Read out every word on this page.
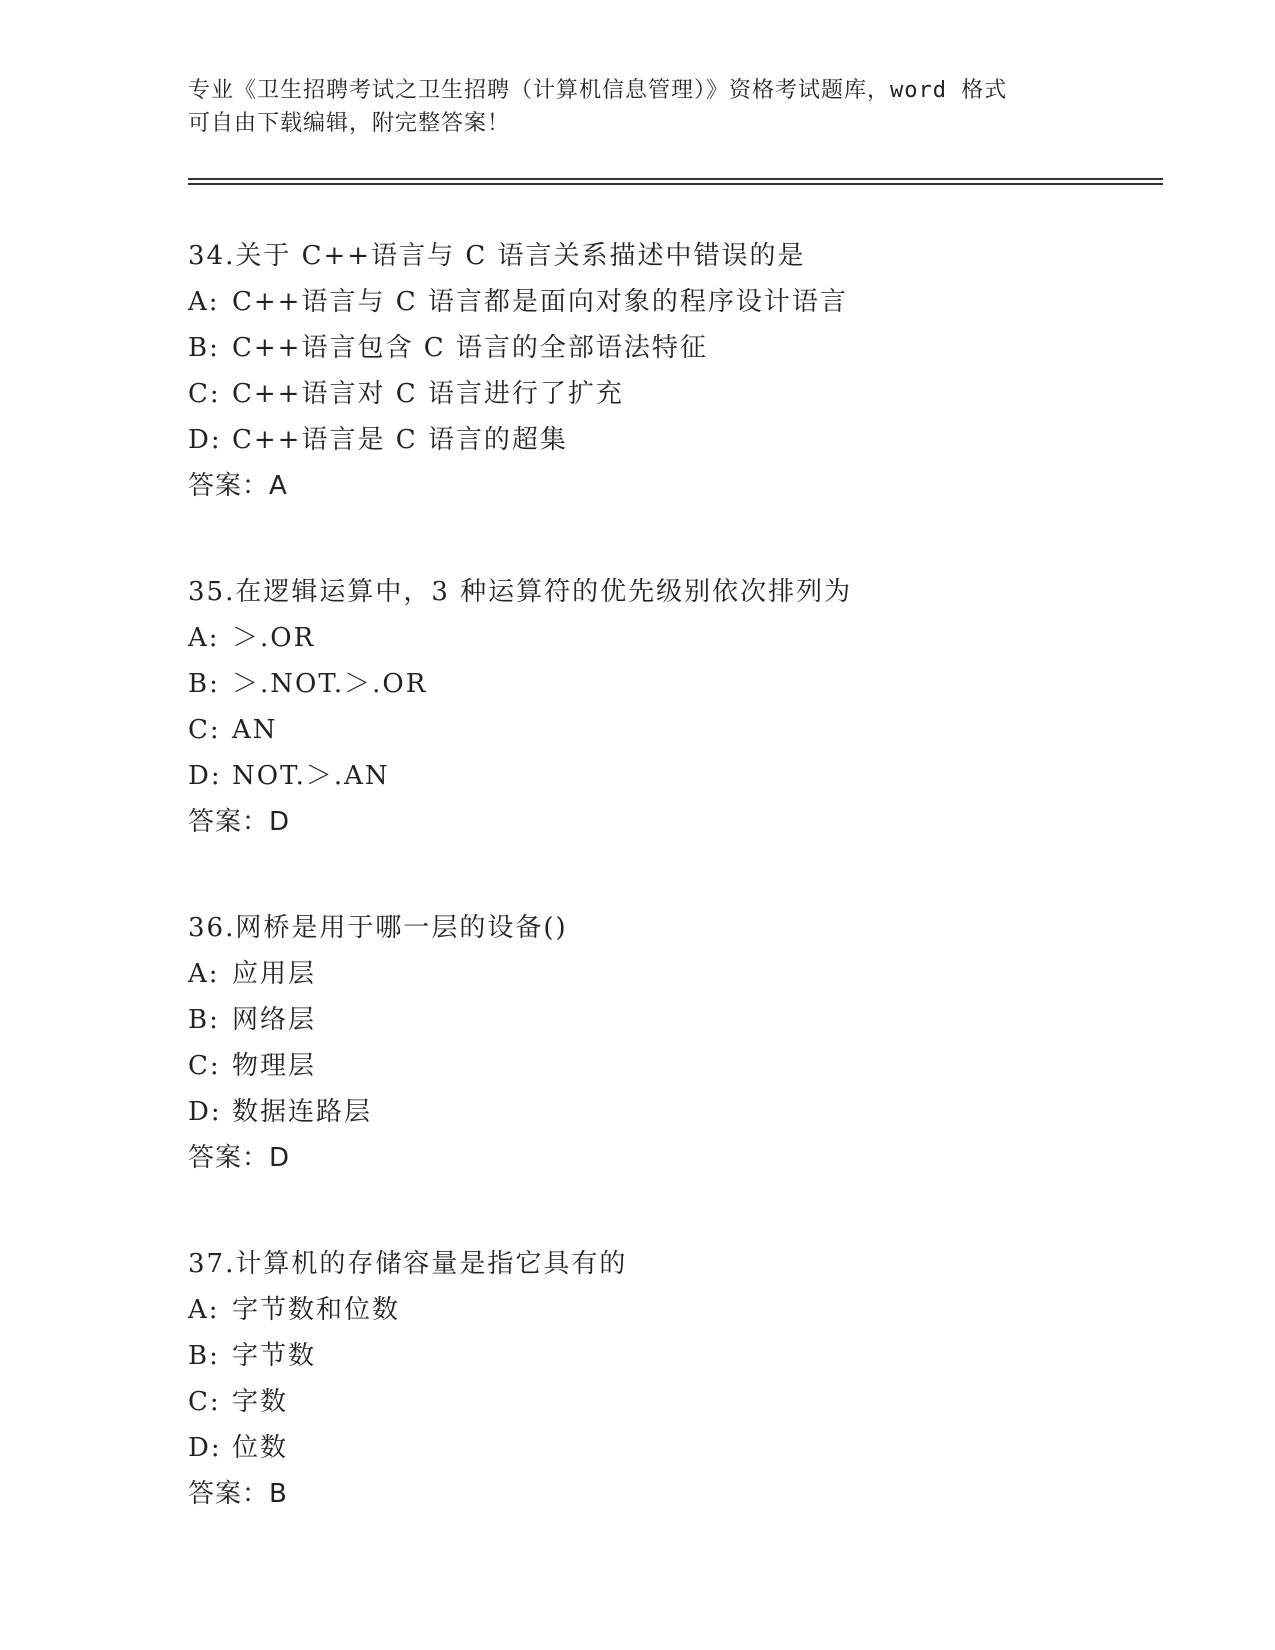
专业《卫生招聘考试之卫生招聘（计算机信息管理）》资格考试题库，word 格式
可自由下载编辑，附完整答案！
34.关于 C++语言与 C 语言关系描述中错误的是
A: C++语言与 C 语言都是面向对象的程序设计语言
B: C++语言包含 C 语言的全部语法特征
C: C++语言对 C 语言进行了扩充
D: C++语言是 C 语言的超集
答案：A
35.在逻辑运算中，3 种运算符的优先级别依次排列为
A: ＞.OR
B: ＞.NOT.＞.OR
C: AN
D: NOT.＞.AN
答案：D
36.网桥是用于哪一层的设备()
A: 应用层
B: 网络层
C: 物理层
D: 数据连路层
答案：D
37.计算机的存储容量是指它具有的
A: 字节数和位数
B: 字节数
C: 字数
D: 位数
答案：B
